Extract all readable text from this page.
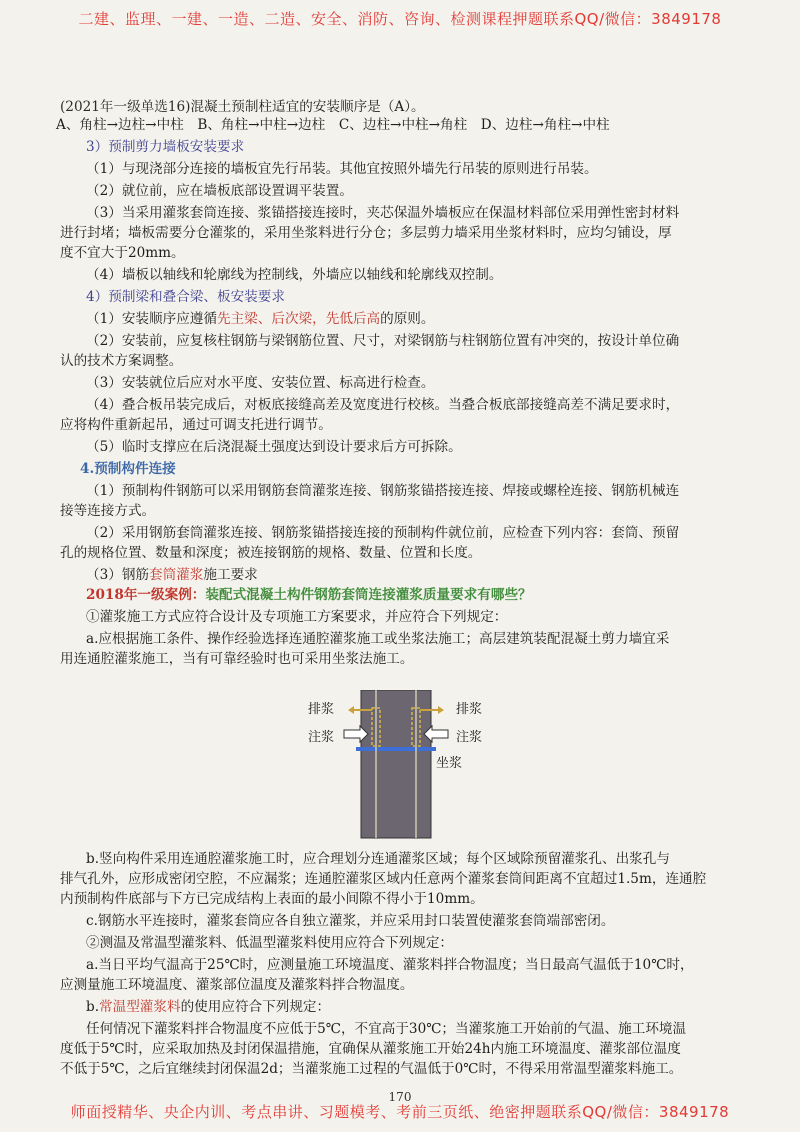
二建、监理、一建、一造、二造、安全、消防、咨询、检测课程押题联系QQ/微信：3849178
(2021年一级单选16)混凝土预制柱适宜的安装顺序是（A）。
A、角柱→边柱→中柱　B、角柱→中柱→边柱　C、边柱→中柱→角柱　D、边柱→角柱→中柱
3）预制剪力墙板安装要求
（1）与现浇部分连接的墙板宜先行吊装。其他宜按照外墙先行吊装的原则进行吊装。
（2）就位前，应在墙板底部设置调平装置。
（3）当采用灌浆套筒连接、浆锚搭接连接时，夹芯保温外墙板应在保温材料部位采用弹性密封材料
进行封堵；墙板需要分仓灌浆的，采用坐浆料进行分仓；多层剪力墙采用坐浆材料时，应均匀铺设，厚
度不宜大于20mm。
（4）墙板以轴线和轮廓线为控制线，外墙应以轴线和轮廓线双控制。
4）预制梁和叠合梁、板安装要求
（1）安装顺序应遵循先主梁、后次梁，先低后高的原则。
（2）安装前，应复核柱钢筋与梁钢筋位置、尺寸，对梁钢筋与柱钢筋位置有冲突的，按设计单位确
认的技术方案调整。
（3）安装就位后应对水平度、安装位置、标高进行检查。
（4）叠合板吊装完成后，对板底接缝高差及宽度进行校核。当叠合板底部接缝高差不满足要求时，
应将构件重新起吊，通过可调支托进行调节。
（5）临时支撑应在后浇混凝土强度达到设计要求后方可拆除。
4.预制构件连接
（1）预制构件钢筋可以采用钢筋套筒灌浆连接、钢筋浆锚搭接连接、焊接或螺栓连接、钢筋机械连
接等连接方式。
（2）采用钢筋套筒灌浆连接、钢筋浆锚搭接连接的预制构件就位前，应检查下列内容：套筒、预留
孔的规格位置、数量和深度；被连接钢筋的规格、数量、位置和长度。
（3）钢筋套筒灌浆施工要求
2018年一级案例：装配式混凝土构件钢筋套筒连接灌浆质量要求有哪些？
①灌浆施工方式应符合设计及专项施工方案要求，并应符合下列规定：
a.应根据施工条件、操作经验选择连通腔灌浆施工或坐浆法施工；高层建筑装配混凝土剪力墙宜采
用连通腔灌浆施工，当有可靠经验时也可采用坐浆法施工。
排浆
注浆
排浆
注浆
坐浆
b.竖向构件采用连通腔灌浆施工时，应合理划分连通灌浆区域；每个区域除预留灌浆孔、出浆孔与
排气孔外，应形成密闭空腔，不应漏浆；连通腔灌浆区域内任意两个灌浆套筒间距离不宜超过1.5m，连通腔
内预制构件底部与下方已完成结构上表面的最小间隙不得小于10mm。
c.钢筋水平连接时，灌浆套筒应各自独立灌浆，并应采用封口装置使灌浆套筒端部密闭。
②测温及常温型灌浆料、低温型灌浆料使用应符合下列规定：
a.当日平均气温高于25℃时，应测量施工环境温度、灌浆料拌合物温度；当日最高气温低于10℃时，
应测量施工环境温度、灌浆部位温度及灌浆料拌合物温度。
b.常温型灌浆料的使用应符合下列规定：
任何情况下灌浆料拌合物温度不应低于5℃，不宜高于30℃；当灌浆施工开始前的气温、施工环境温
度低于5℃时，应采取加热及封闭保温措施，宜确保从灌浆施工开始24h内施工环境温度、灌浆部位温度
不低于5℃，之后宜继续封闭保温2d；当灌浆施工过程的气温低于0℃时，不得采用常温型灌浆料施工。
170
师面授精华、央企内训、考点串讲、习题模考、考前三页纸、绝密押题联系QQ/微信：3849178
